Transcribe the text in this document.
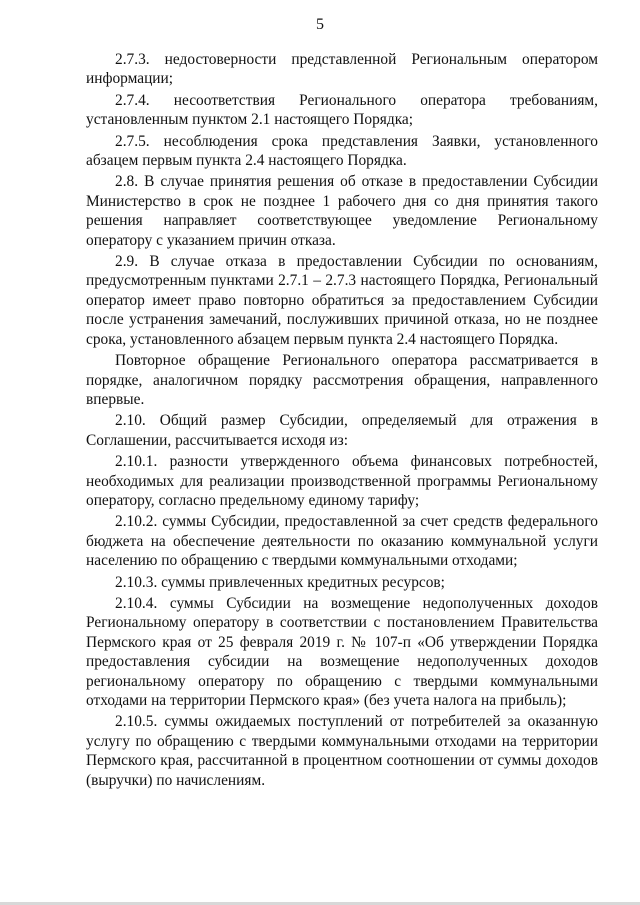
5

2.7.3. недостоверности представленной Региональным оператором информации;

2.7.4. несоответствия Регионального оператора требованиям, установленным пунктом 2.1 настоящего Порядка;

2.7.5. несоблюдения срока представления Заявки, установленного абзацем первым пункта 2.4 настоящего Порядка.

2.8. В случае принятия решения об отказе в предоставлении Субсидии Министерство в срок не позднее 1 рабочего дня со дня принятия такого решения направляет соответствующее уведомление Региональному оператору с указанием причин отказа.

2.9. В случае отказа в предоставлении Субсидии по основаниям, предусмотренным пунктами 2.7.1 – 2.7.3 настоящего Порядка, Региональный оператор имеет право повторно обратиться за предоставлением Субсидии после устранения замечаний, послуживших причиной отказа, но не позднее срока, установленного абзацем первым пункта 2.4 настоящего Порядка.

Повторное обращение Регионального оператора рассматривается в порядке, аналогичном порядку рассмотрения обращения, направленного впервые.

2.10. Общий размер Субсидии, определяемый для отражения в Соглашении, рассчитывается исходя из:

2.10.1. разности утвержденного объема финансовых потребностей, необходимых для реализации производственной программы Региональному оператору, согласно предельному единому тарифу;

2.10.2. суммы Субсидии, предоставленной за счет средств федерального бюджета на обеспечение деятельности по оказанию коммунальной услуги населению по обращению с твердыми коммунальными отходами;

2.10.3. суммы привлеченных кредитных ресурсов;

2.10.4. суммы Субсидии на возмещение недополученных доходов Региональному оператору в соответствии с постановлением Правительства Пермского края от 25 февраля 2019 г. № 107-п «Об утверждении Порядка предоставления субсидии на возмещение недополученных доходов региональному оператору по обращению с твердыми коммунальными отходами на территории Пермского края» (без учета налога на прибыль);

2.10.5. суммы ожидаемых поступлений от потребителей за оказанную услугу по обращению с твердыми коммунальными отходами на территории Пермского края, рассчитанной в процентном соотношении от суммы доходов (выручки) по начислениям.
